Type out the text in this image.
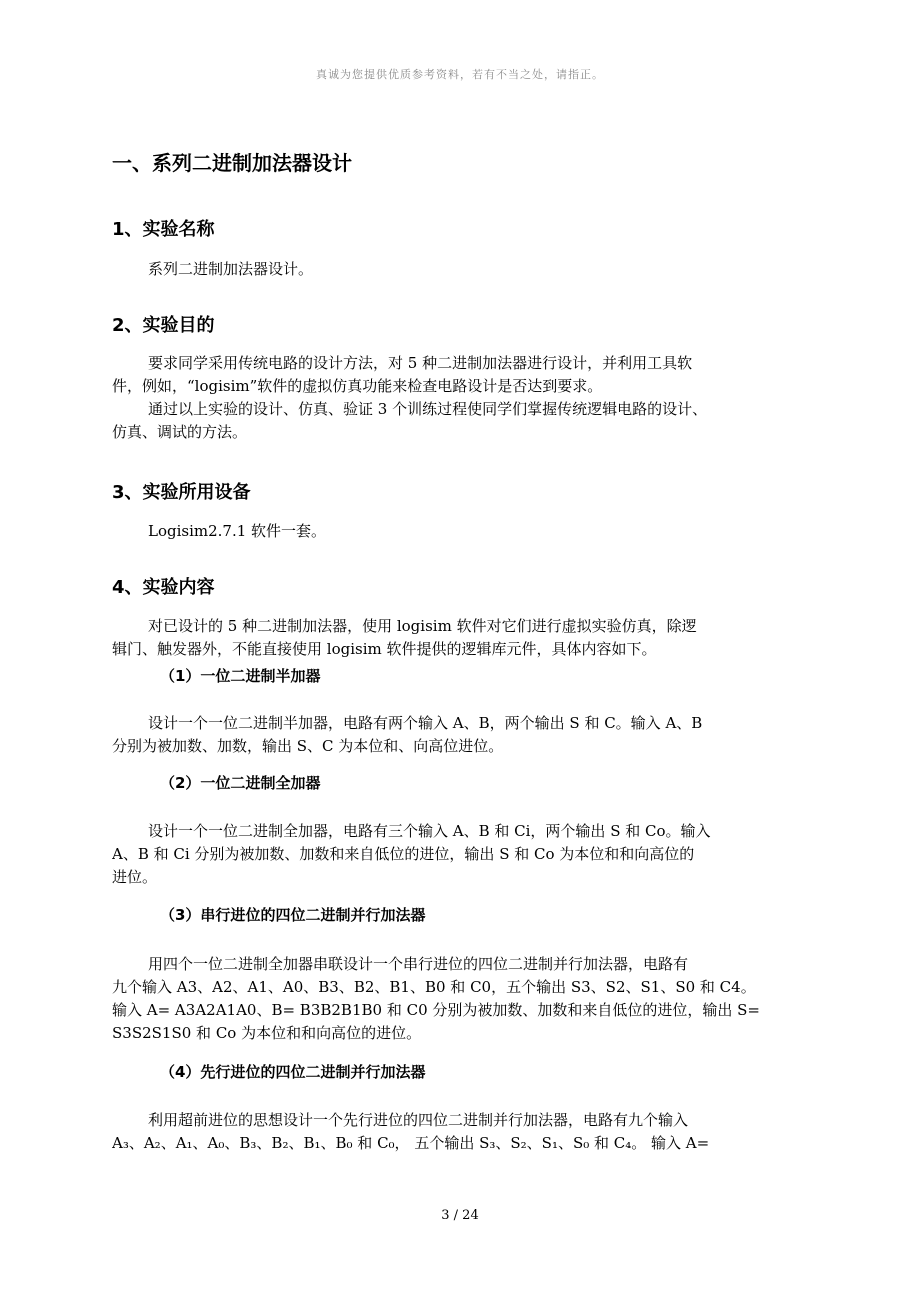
真诚为您提供优质参考资料，若有不当之处，请指正。
一、系列二进制加法器设计
1、实验名称
系列二进制加法器设计。
2、实验目的
要求同学采用传统电路的设计方法，对 5 种二进制加法器进行设计，并利用工具软
件，例如，“logisim”软件的虚拟仿真功能来检查电路设计是否达到要求。
通过以上实验的设计、仿真、验证 3 个训练过程使同学们掌握传统逻辑电路的设计、
仿真、调试的方法。
3、实验所用设备
Logisim2.7.1 软件一套。
4、实验内容
对已设计的 5 种二进制加法器，使用 logisim 软件对它们进行虚拟实验仿真，除逻
辑门、触发器外，不能直接使用 logisim 软件提供的逻辑库元件，具体内容如下。
（1）一位二进制半加器
设计一个一位二进制半加器，电路有两个输入 A、B，两个输出 S 和 C。输入 A、B
分别为被加数、加数，输出 S、C 为本位和、向高位进位。
（2）一位二进制全加器
设计一个一位二进制全加器，电路有三个输入 A、B 和 Ci，两个输出 S 和 Co。输入
A、B 和 Ci 分别为被加数、加数和来自低位的进位，输出 S 和 Co 为本位和和向高位的
进位。
（3）串行进位的四位二进制并行加法器
用四个一位二进制全加器串联设计一个串行进位的四位二进制并行加法器，电路有
九个输入 A3、A2、A1、A0、B3、B2、B1、B0 和 C0，五个输出 S3、S2、S1、S0 和 C4。
输入 A= A3A2A1A0、B= B3B2B1B0 和 C0 分别为被加数、加数和来自低位的进位，输出 S=
S3S2S1S0 和 Co 为本位和和向高位的进位。
（4）先行进位的四位二进制并行加法器
利用超前进位的思想设计一个先行进位的四位二进制并行加法器，电路有九个输入
A₃、A₂、A₁、A₀、B₃、B₂、B₁、B₀ 和 C₀， 五个输出 S₃、S₂、S₁、S₀ 和 C₄。 输入 A=
3 / 24
